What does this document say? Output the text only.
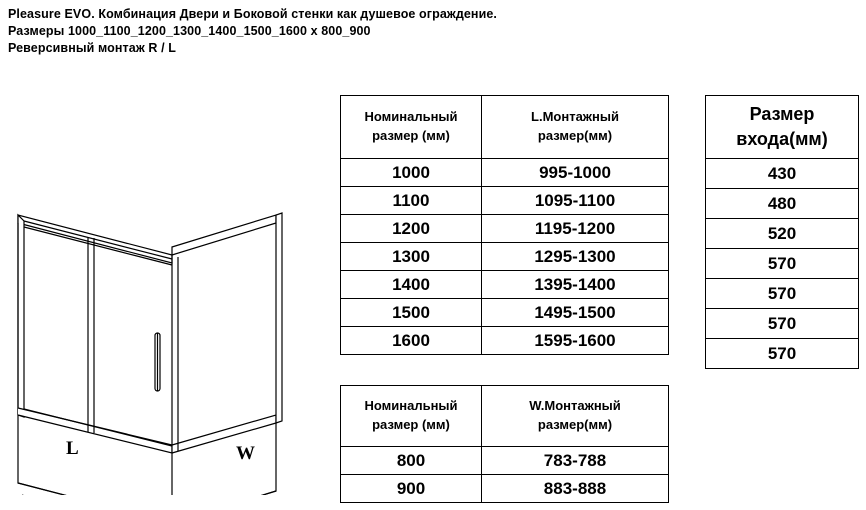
Pleasure EVO. Комбинация Двери и Боковой стенки как душевое ограждение.
Размеры 1000_1100_1200_1300_1400_1500_1600 x 800_900
Реверсивный монтаж R / L
L	W
Номинальный
размер (мм)

L.Монтажный
размер(мм)

1000	995-1000
1100	1095-1100
1200	1195-1200
1300	1295-1300
1400	1395-1400
1500	1495-1500
1600	1595-1600
Номинальный
размер (мм)

W.Монтажный
размер(мм)

800	783-788
900	883-888
Размер
входа(мм)

430
480
520
570
570
570
570
